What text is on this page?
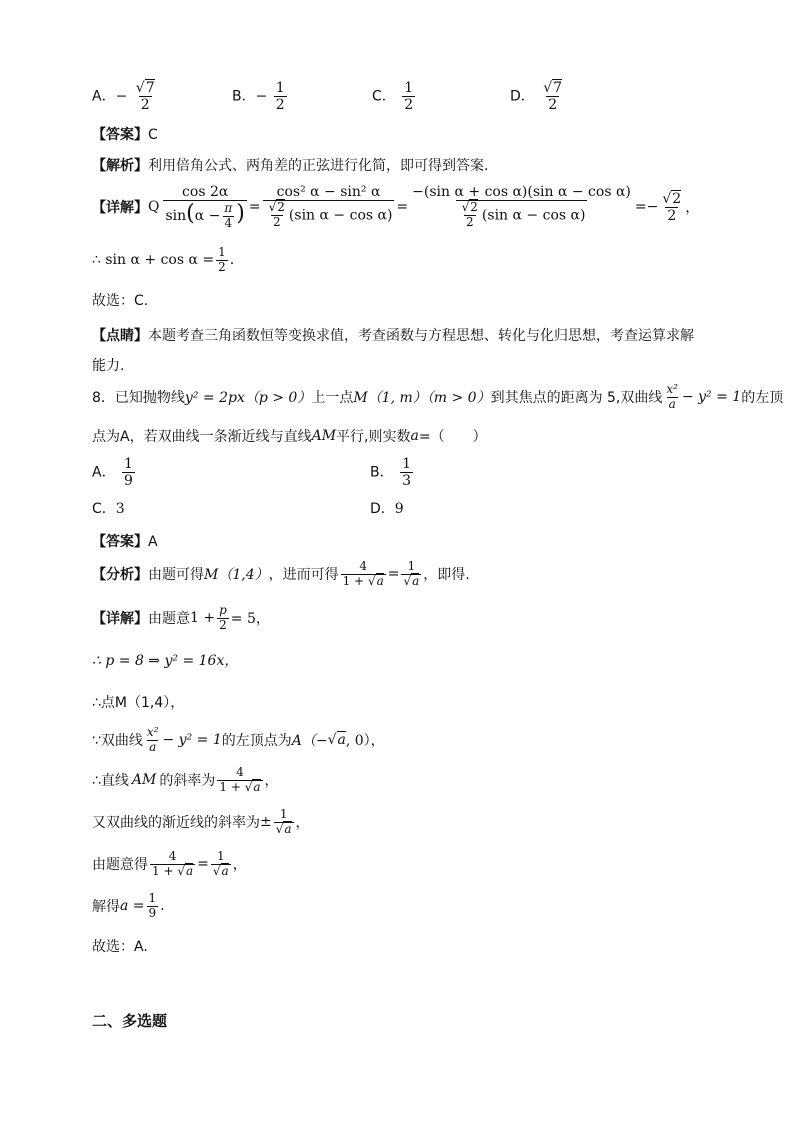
A．− $\frac{√7}{2}$	B．− $\frac{1}{2}$	C． $\frac{1}{2}$	D． $\frac{√7}{2}$
【答案】C
【解析】利用倍角公式、两角差的正弦进行化简，即可得到答案.
【详解】 Q $\frac{\cos 2\alpha}{\sin(\alpha - \frac{\pi}{4} )} = \frac{\text{cos² α − sin² α}}{\frac{√2}{2} (\sin \alpha - \cos \alpha)} = \frac{\text{−(sin α + cos α)(sin α − cos α)}}{\frac{√2}{2} (\sin \alpha - \cos \alpha)}$ = − $\frac{√2}{2}$ ，
∴ $\sin \alpha + \cos \alpha = \frac{1}{2}$ .
故选：C.
【点睛】本题考查三角函数恒等变换求值，考查函数与方程思想、转化与化归思想，考查运算求解
能力.
8．已知抛物线 y² = 2px（p > 0） 上一点 M（1, m）（m > 0） 到其焦点的距离为 5,双曲线 $\frac{\text{x²}}{a} - y^2 = 1$ 的左顶
点为A，若双曲线一条渐近线与直线 AM 平行,则实数 a =（　　）
A． $\frac{1}{9}$	B． $\frac{1}{3}$
C．3	D．9
【答案】A
【分析】 由题可得 M（1,4） ，进而可得 $\frac{4}{1 + √a} = \frac{1}{√a}$ ，即得.
【详解】 由题意 $1 + \frac{p}{2} = 5$，
∴ p = 8 ⇒ y² = 16x，
∴点M（1,4），
∵双曲线 $\frac{\text{x²}}{a} - y^2 = 1$ 的左顶点为 A（− √a , 0），
∴直线 AM 的斜率为 $\frac{4}{1 + √a}$ ，
又双曲线的渐近线的斜率为 ± $\frac{1}{√a}$ ，
由题意得 $\frac{4}{1 + √a} = \frac{1}{√a}$ ，
解得 $a = \frac{1}{9}$ .
故选：A.
二、多选题
